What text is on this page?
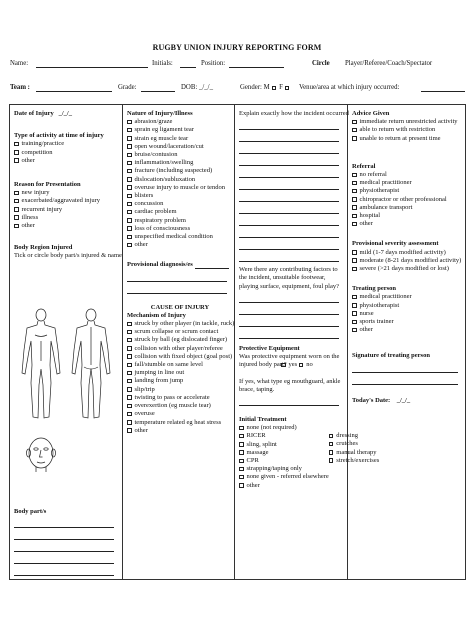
RUGBY UNION INJURY REPORTING FORM
Name:	Initials:	Position:	Circle Player/Referee/Coach/Spectator
Team :	Grade:	DOB: _/_/_	Gender: M F Venue/area at which injury occurred:
Date of Injury
_/_/_
Type of activity at time of injury
training/practice
competition
other
Reason for Presentation
new injury
exacerbated/aggravated injury
recurrent injury
illness
other
Body Region Injured
Tick or circle body part/s injured & name
Body part/s
Nature of Injury/Illness
abrasion/graze
sprain eg ligament tear
strain eg muscle tear
open wound/laceration/cut
bruise/contusion
inflammation/swelling
fracture (including suspected)
dislocation/subluxation
overuse injury to muscle or tendon
blisters
concussion
cardiac problem
respiratory problem
loss of consciousness
unspecified medical condition
other
Provisional diagnosis/es
CAUSE OF INJURY
Mechanism of Injury
struck by other player (in tackle, ruck)
scrum collapse or scrum contact
struck by ball (eg dislocated finger)
collision with other player/referee
collision with fixed object (goal post)
fall/stumble on same level
jumping in line out
landing from jump
slip/trip
twisting to pass or accelerate
overexertion (eg muscle tear)
overuse
temperature related eg heat stress
other
Explain exactly how the incident occurred
Were there any contributing factors to the incident, unsuitable footwear, playing surface, equipment, foul play?
Protective Equipment
Was protective equipment worn on the injured body part? yes
no
If yes, what type eg mouthguard, ankle brace, taping.
Initial Treatment
none (not required)
RICER
sling, splint
massage
CPR
strapping/taping only
none given - referred elsewhere
other
dressing
crutches
manual therapy
stretch/exercises
Advice Given
immediate return unrestricted activity
able to return with restriction
unable to return at present time
Referral
no referral
medical practitioner
physiotherapist
chiropractor or other professional
ambulance transport
hospital
other
Provisional severity assessment
mild (1-7 days modified activity)
moderate (8-21 days modified activity)
severe (>21 days modified or lost)
Treating person
medical practitioner
physiotherapist
nurse
sports trainer
other
Signature of treating person
Today's Date:
_/_/_
